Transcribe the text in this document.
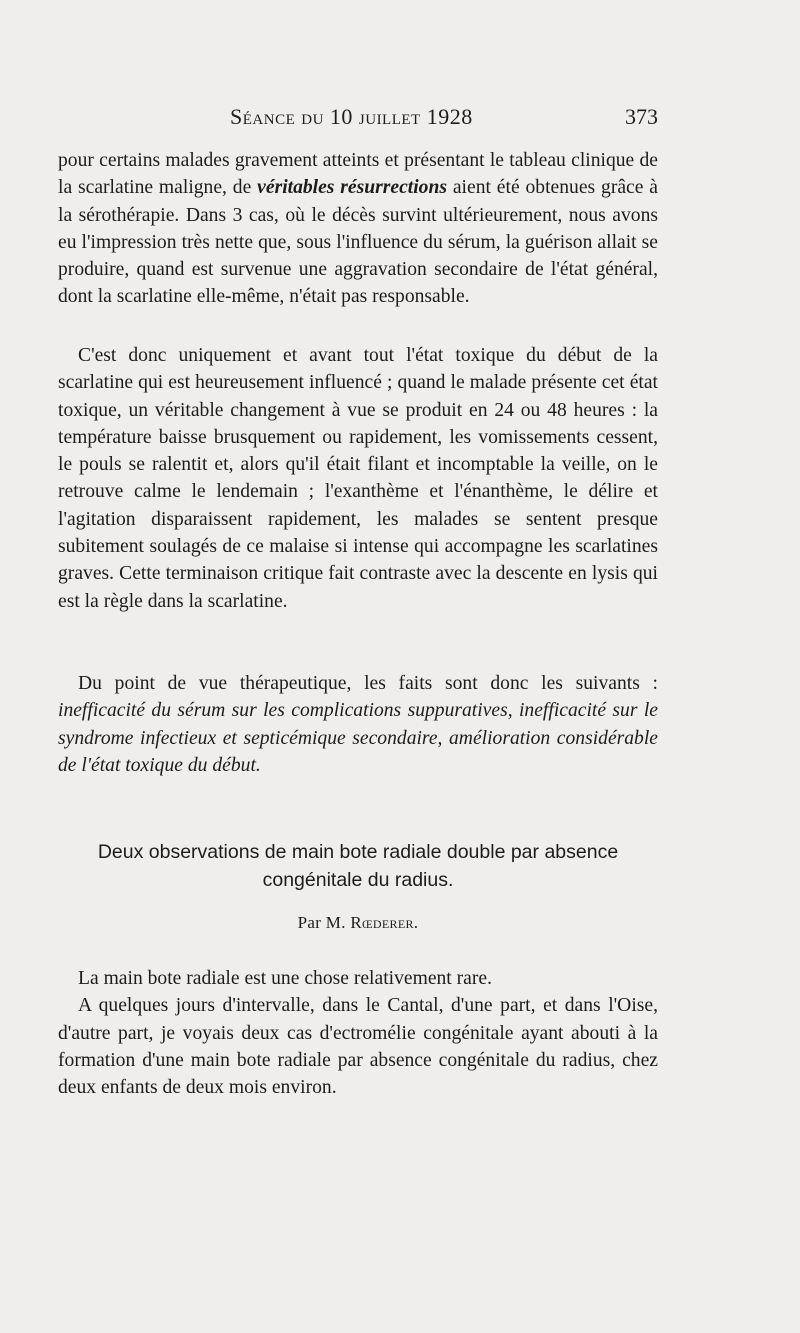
Séance du 10 juillet 1928	373

pour certains malades gravement atteints et présentant le tableau clinique de la scarlatine maligne, de véritables résurrections aient été obtenues grâce à la sérothérapie. Dans 3 cas, où le décès survint ultérieurement, nous avons eu l'impression très nette que, sous l'influence du sérum, la guérison allait se produire, quand est survenue une aggravation secondaire de l'état général, dont la scarlatine elle-même, n'était pas responsable.

C'est donc uniquement et avant tout l'état toxique du début de la scarlatine qui est heureusement influencé ; quand le malade présente cet état toxique, un véritable changement à vue se produit en 24 ou 48 heures : la température baisse brusquement ou rapidement, les vomissements cessent, le pouls se ralentit et, alors qu'il était filant et incomptable la veille, on le retrouve calme le lendemain ; l'exanthème et l'énanthème, le délire et l'agitation disparaissent rapidement, les malades se sentent presque subitement soulagés de ce malaise si intense qui accompagne les scarlatines graves. Cette terminaison critique fait contraste avec la descente en lysis qui est la règle dans la scarlatine.

Du point de vue thérapeutique, les faits sont donc les suivants : inefficacité du sérum sur les complications suppuratives, inefficacité sur le syndrome infectieux et septicémique secondaire, amélioration considérable de l'état toxique du début.

Deux observations de main bote radiale double par absence
congénitale du radius.
Par M. Rœderer.

La main bote radiale est une chose relativement rare.

A quelques jours d'intervalle, dans le Cantal, d'une part, et dans l'Oise, d'autre part, je voyais deux cas d'ectromélie congénitale ayant abouti à la formation d'une main bote radiale par absence congénitale du radius, chez deux enfants de deux mois environ.
